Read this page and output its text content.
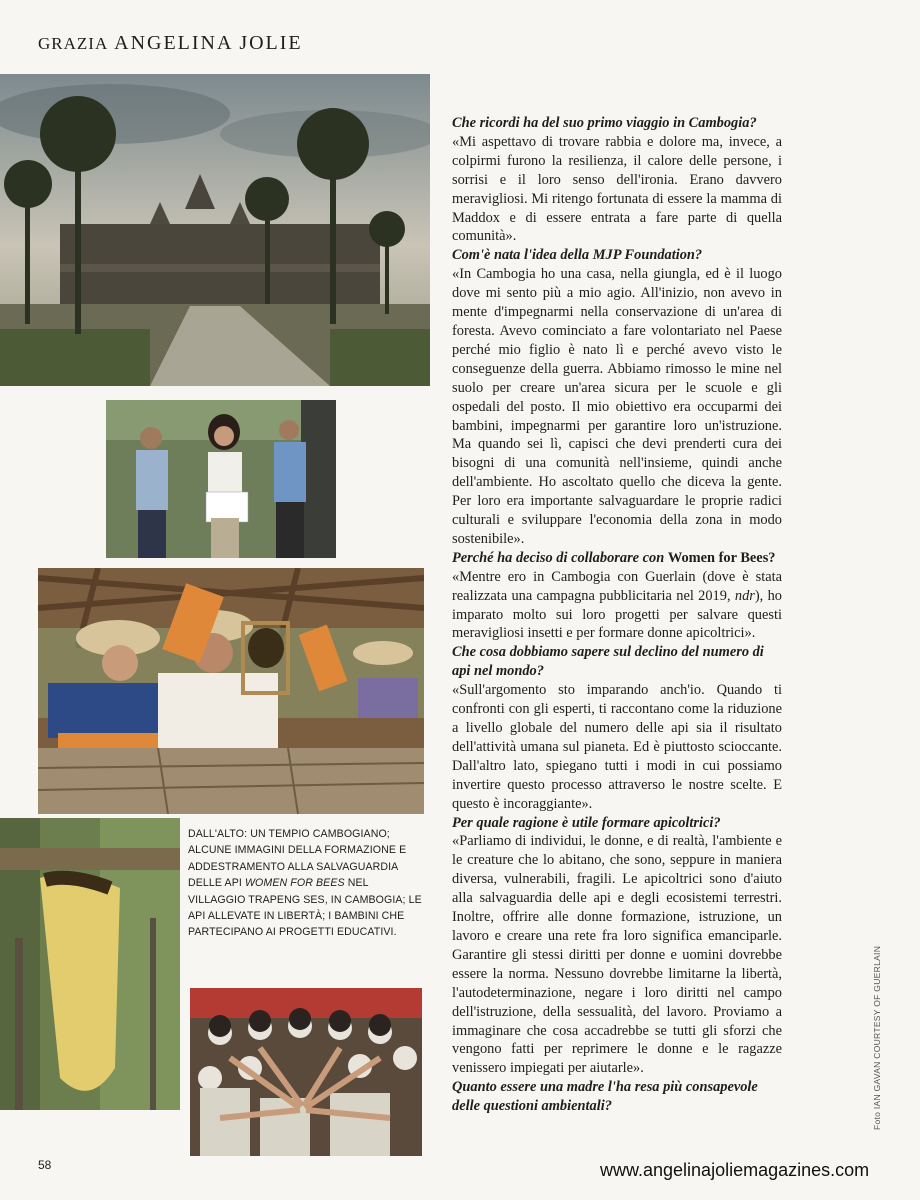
GRAZIA ANGELINA JOLIE
DALL'ALTO: UN TEMPIO CAMBOGIANO; ALCUNE IMMAGINI DELLA FORMAZIONE E ADDESTRAMENTO ALLA SALVAGUARDIA DELLE API WOMEN FOR BEES NEL VILLAGGIO TRAPENG SES, IN CAMBOGIA; LE API ALLEVATE IN LIBERTÀ; I BAMBINI CHE PARTECIPANO AI PROGETTI EDUCATIVI.

Che ricordi ha del suo primo viaggio in Cambogia?

«Mi aspettavo di trovare rabbia e dolore ma, invece, a colpirmi furono la resilienza, il calore delle persone, i sorrisi e il loro senso dell'ironia. Erano davvero meravigliosi. Mi ritengo fortunata di essere la mamma di Maddox e di essere entrata a fare parte di quella comunità».

Com'è nata l'idea della MJP Foundation?

«In Cambogia ho una casa, nella giungla, ed è il luogo dove mi sento più a mio agio. All'inizio, non avevo in mente d'impegnarmi nella conservazione di un'area di foresta. Avevo cominciato a fare volontariato nel Paese perché mio figlio è nato lì e perché avevo visto le conseguenze della guerra. Abbiamo rimosso le mine nel suolo per creare un'area sicura per le scuole e gli ospedali del posto. Il mio obiettivo era occuparmi dei bambini, impegnarmi per garantire loro un'istruzione. Ma quando sei lì, capisci che devi prenderti cura dei bisogni di una comunità nell'insieme, quindi anche dell'ambiente. Ho ascoltato quello che diceva la gente. Per loro era importante salvaguardare le proprie radici culturali e sviluppare l'economia della zona in modo sostenibile».

Perché ha deciso di collaborare con Women for Bees?

«Mentre ero in Cambogia con Guerlain (dove è stata realizzata una campagna pubblicitaria nel 2019, ndr), ho imparato molto sui loro progetti per salvare questi meravigliosi insetti e per formare donne apicoltrici».

Che cosa dobbiamo sapere sul declino del numero di api nel mondo?

«Sull'argomento sto imparando anch'io. Quando ti confronti con gli esperti, ti raccontano come la riduzione a livello globale del numero delle api sia il risultato dell'attività umana sul pianeta. Ed è piuttosto scioccante. Dall'altro lato, spiegano tutti i modi in cui possiamo invertire questo processo attraverso le nostre scelte. E questo è incoraggiante».

Per quale ragione è utile formare apicoltrici?

«Parliamo di individui, le donne, e di realtà, l'ambiente e le creature che lo abitano, che sono, seppure in maniera diversa, vulnerabili, fragili. Le apicoltrici sono d'aiuto alla salvaguardia delle api e degli ecosistemi terrestri. Inoltre, offrire alle donne formazione, istruzione, un lavoro e creare una rete fra loro significa emanciparle. Garantire gli stessi diritti per donne e uomini dovrebbe essere la norma. Nessuno dovrebbe limitarne la libertà, l'autodeterminazione, negare i loro diritti nel campo dell'istruzione, della sessualità, del lavoro. Proviamo a immaginare che cosa accadrebbe se tutti gli sforzi che vengono fatti per reprimere le donne e le ragazze venissero impiegati per aiutarle».

Quanto essere una madre l'ha resa più consapevole delle questioni ambientali?	Foto IAN GAVAN COURTESY OF GUERLAIN
58	www.angelinajoliemagazines.com
